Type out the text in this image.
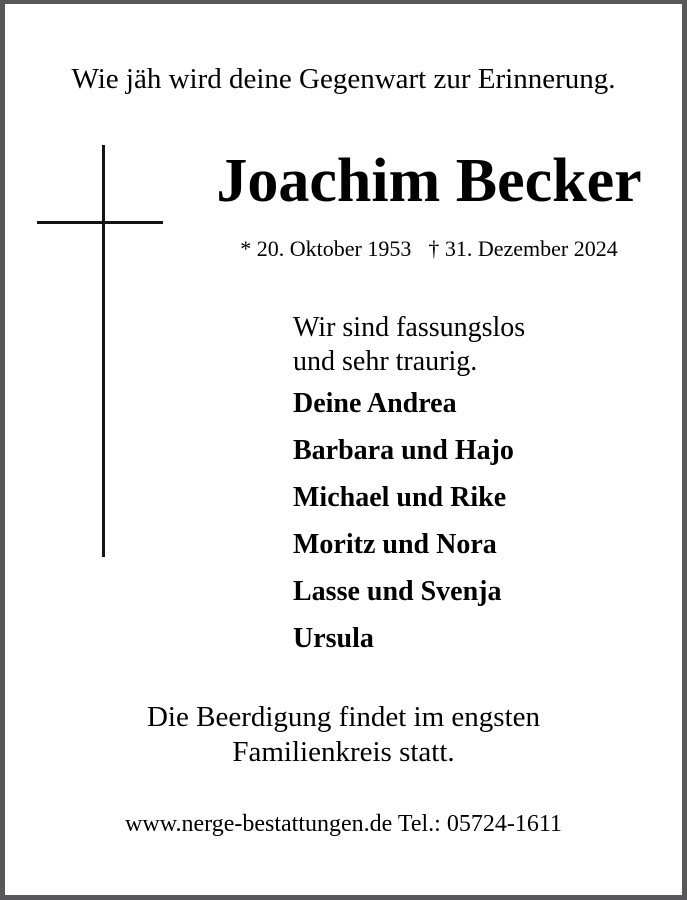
Wie jäh wird deine Gegenwart zur Erinnerung.
Joachim Becker
* 20. Oktober 1953 † 31. Dezember 2024
Wir sind fassungslos
und sehr traurig.
Deine Andrea
Barbara und Hajo
Michael und Rike
Moritz und Nora
Lasse und Svenja
Ursula
Die Beerdigung findet im engsten
Familienkreis statt.
www.nerge-bestattungen.de Tel.: 05724-1611
